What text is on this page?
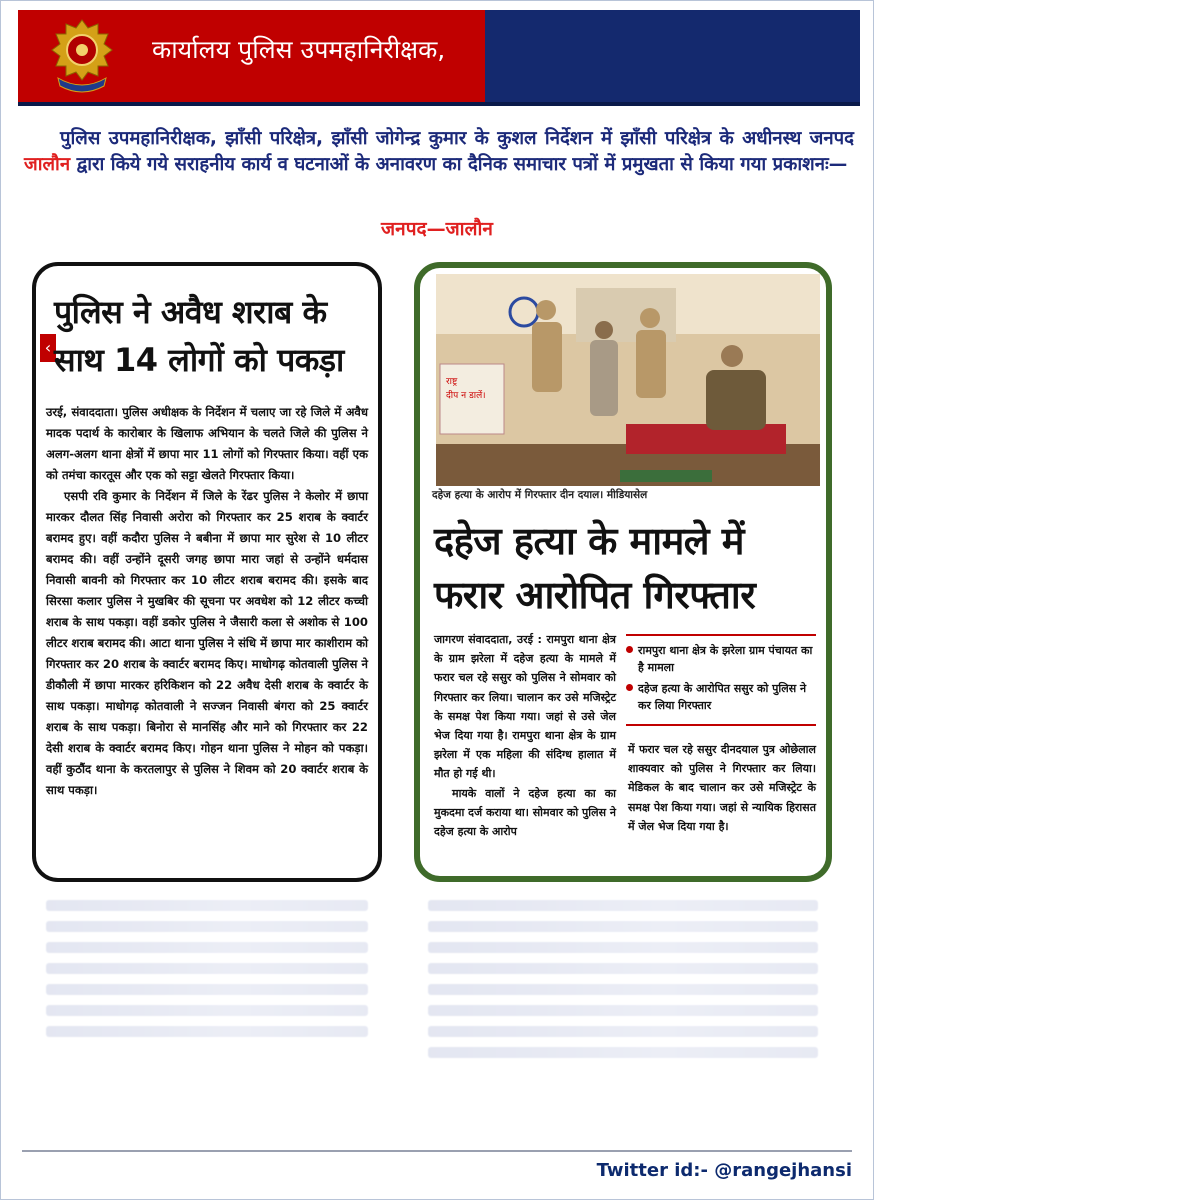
कार्यालय पुलिस उपमहानिरीक्षक,	झाँसी परिक्षेत्र, झाँसी।
पुलिस उपमहानिरीक्षक, झाँसी परिक्षेत्र, झाँसी जोगेन्द्र कुमार के कुशल निर्देशन में झाँसी परिक्षेत्र के अधीनस्थ जनपद जालौन द्वारा किये गये सराहनीय कार्य व घटनाओं के अनावरण का दैनिक समाचार पत्रों में प्रमुखता से किया गया प्रकाशनः—
जनपद—जालौन
‹
पुलिस ने अवैध शराब के साथ 14 लोगों को पकड़ा

उरई, संवाददाता। पुलिस अधीक्षक के निर्देशन में चलाए जा रहे जिले में अवैध मादक पदार्थ के कारोबार के खिलाफ अभियान के चलते जिले की पुलिस ने अलग-अलग थाना क्षेत्रों में छापा मार 11 लोगों को गिरफ्तार किया। वहीं एक को तमंचा कारतूस और एक को सट्टा खेलते गिरफ्तार किया।

एसपी रवि कुमार के निर्देशन में जिले के रेंढर पुलिस ने केलोर में छापा मारकर दौलत सिंह निवासी अरोरा को गिरफ्तार कर 25 शराब के क्वार्टर बरामद हुए। वहीं कदौरा पुलिस ने बबीना में छापा मार सुरेश से 10 लीटर बरामद की। वहीं उन्होंने दूसरी जगह छापा मारा जहां से उन्होंने धर्मदास निवासी बावनी को गिरफ्तार कर 10 लीटर शराब बरामद की। इसके बाद सिरसा कलार पुलिस ने मुखबिर की सूचना पर अवधेश को 12 लीटर कच्ची शराब के साथ पकड़ा। वहीं डकोर पुलिस ने जैसारी कला से अशोक से 100 लीटर शराब बरामद की। आटा थाना पुलिस ने संधि में छापा मार काशीराम को गिरफ्तार कर 20 शराब के क्वार्टर बरामद किए। माधोगढ़ कोतवाली पुलिस ने डीकौली में छापा मारकर हरिकिशन को 22 अवैध देसी शराब के क्वार्टर के साथ पकड़ा। माधोगढ़ कोतवाली ने सज्जन निवासी बंगरा को 25 क्वार्टर शराब के साथ पकड़ा। बिनोरा से मानसिंह और माने को गिरफ्तार कर 22 देसी शराब के क्वार्टर बरामद किए। गोहन थाना पुलिस ने मोहन को पकड़ा। वहीं कुठौंद थाना के करतलापुर से पुलिस ने शिवम को 20 क्वार्टर शराब के साथ पकड़ा।

राष्ट्र
दीप न डालें।
दहेज हत्या के आरोप में गिरफ्तार दीन दयाल। मीडियासेल
दहेज हत्या के मामले में
फरार आरोपित गिरफ्तार

जागरण संवाददाता, उरई : रामपुरा थाना क्षेत्र के ग्राम झरेला में दहेज हत्या के मामले में फरार चल रहे ससुर को पुलिस ने सोमवार को गिरफ्तार कर लिया। चालान कर उसे मजिस्ट्रेट के समक्ष पेश किया गया। जहां से उसे जेल भेज दिया गया है। रामपुरा थाना क्षेत्र के ग्राम झरेला में एक महिला की संदिग्ध हालात में मौत हो गई थी।

मायके वालों ने दहेज हत्या का का मुकदमा दर्ज कराया था। सोमवार को पुलिस ने दहेज हत्या के आरोप

रामपुरा थाना क्षेत्र के झरेला ग्राम पंचायत का है मामला
दहेज हत्या के आरोपित ससुर को पुलिस ने कर लिया गिरफ्तार
में फरार चल रहे ससुर दीनदयाल पुत्र ओछेलाल शाक्यवार को पुलिस ने गिरफ्तार कर लिया। मेडिकल के बाद चालान कर उसे मजिस्ट्रेट के समक्ष पेश किया गया। जहां से न्यायिक हिरासत में जेल भेज दिया गया है।
Twitter id:- @rangejhansi
